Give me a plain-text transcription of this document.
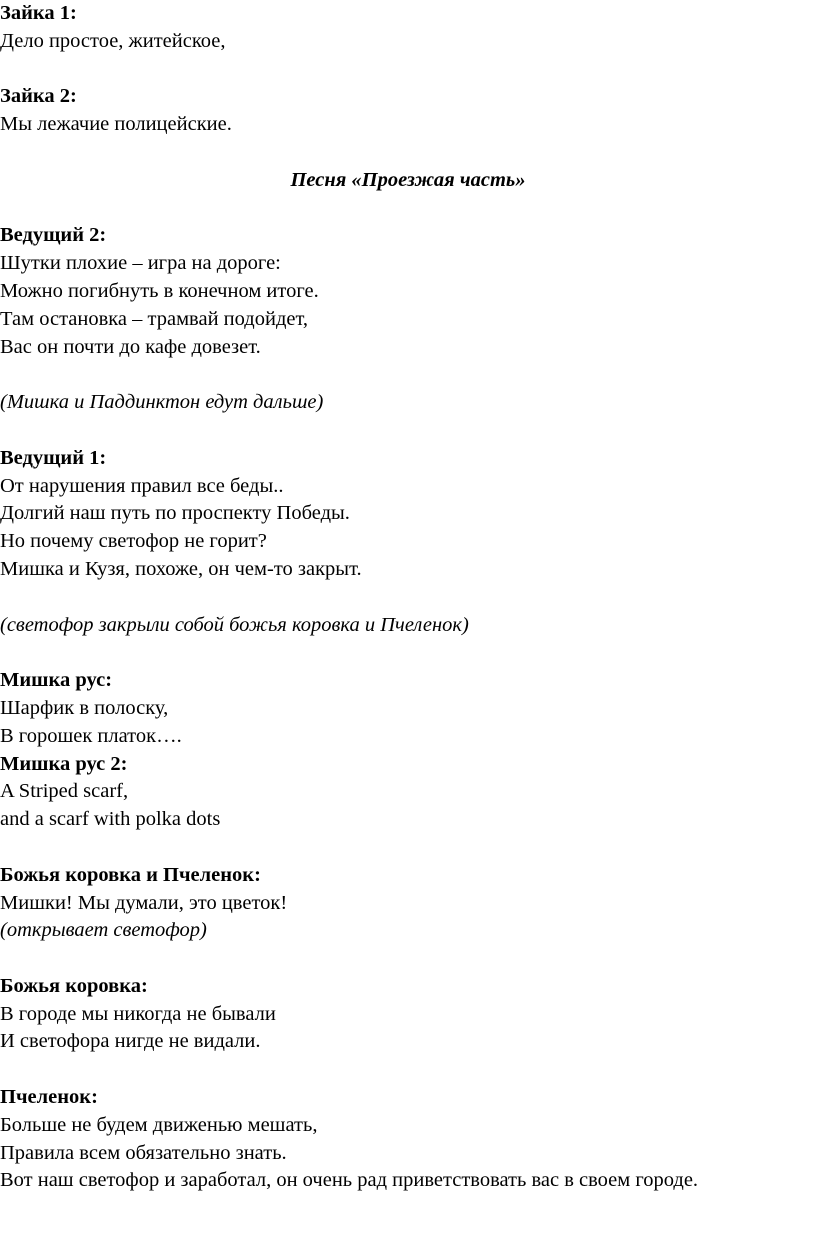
Зайка 1:
Дело простое, житейское,
Зайка 2:
Мы лежачие полицейские.
Песня «Проезжая часть»
Ведущий 2:
Шутки плохие – игра на дороге:
Можно погибнуть в конечном итоге.
Там остановка – трамвай подойдет,
Вас он почти до кафе довезет.
(Мишка и Паддинктон едут дальше)
Ведущий 1:
От нарушения правил все беды..
Долгий наш путь по проспекту Победы.
Но почему светофор не горит?
Мишка и Кузя, похоже, он чем-то закрыт.
(светофор закрыли собой божья коровка и Пчеленок)
Мишка рус:
Шарфик в полоску,
В горошек платок….
Мишка рус 2:
A Striped scarf,
and a scarf with polka dots
Божья коровка и Пчеленок:
Мишки! Мы думали, это цветок!
(открывает светофор)
Божья коровка:
В городе мы никогда не бывали
И светофора нигде не видали.
Пчеленок:
Больше не будем движенью мешать,
Правила всем обязательно знать.
Вот наш светофор и заработал, он очень рад приветствовать вас в своем городе.
